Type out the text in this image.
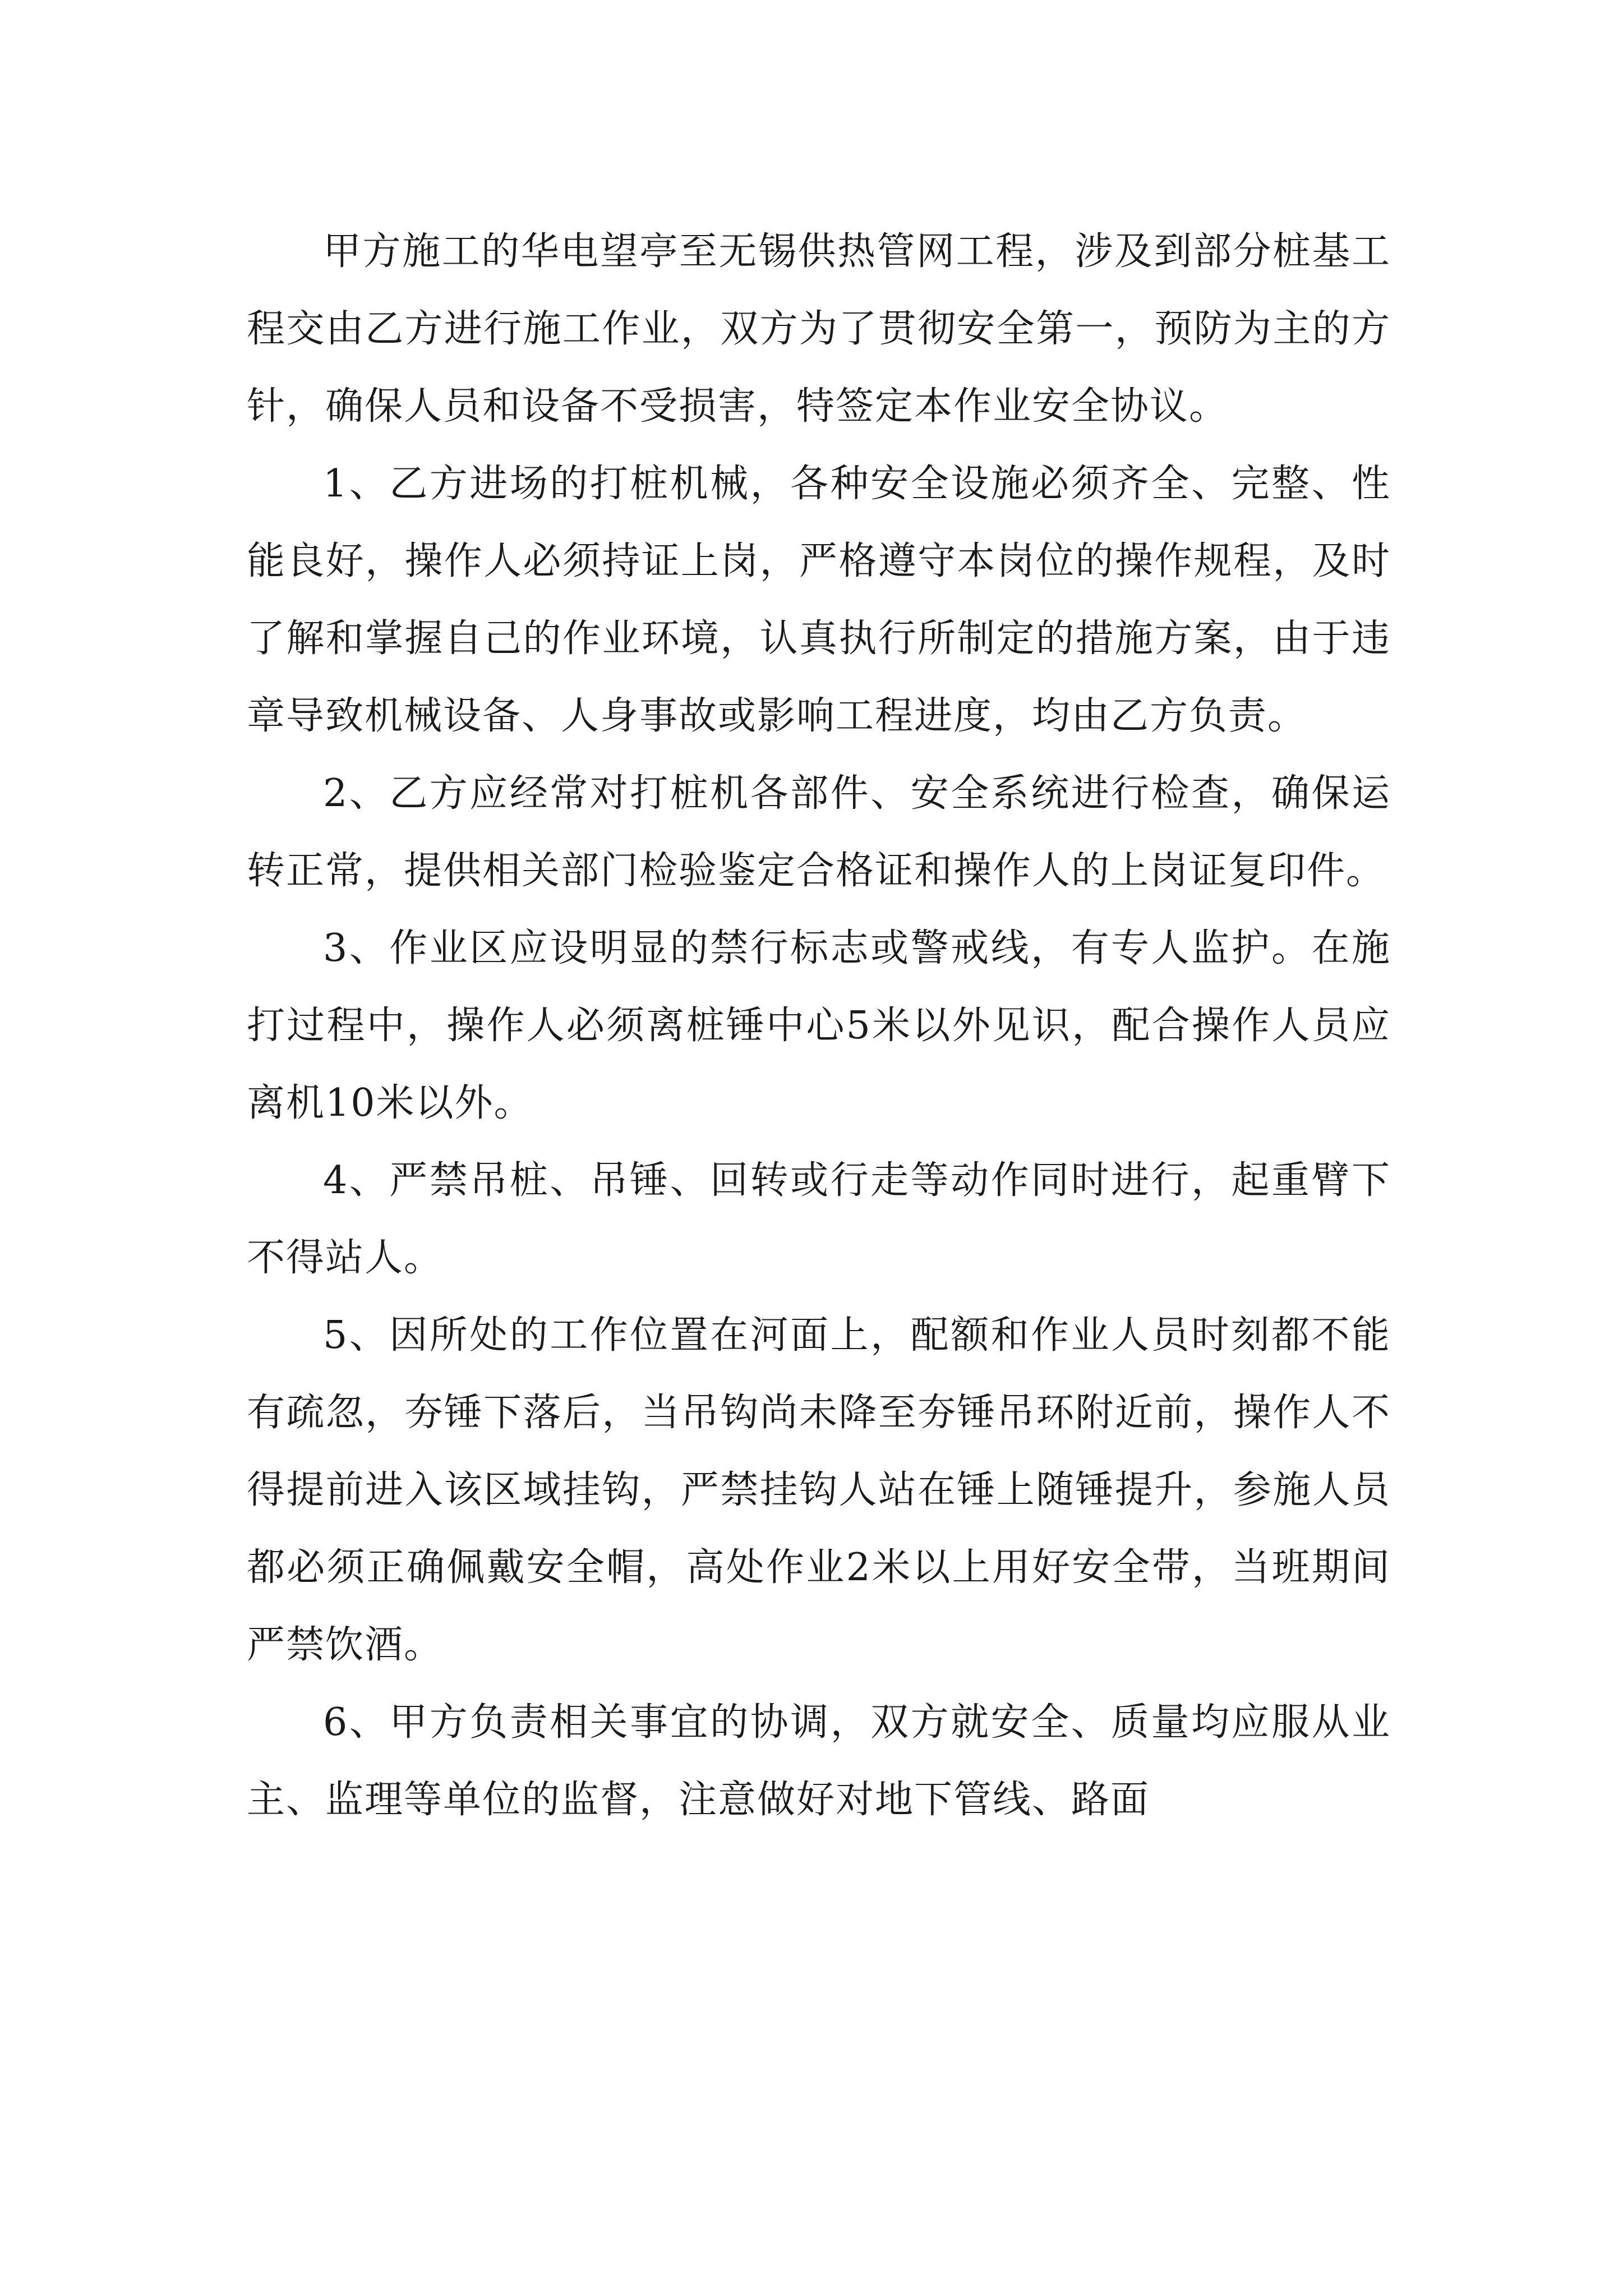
甲方施工的华电望亭至无锡供热管网工程，涉及到部分桩基工程交由乙方进行施工作业，双方为了贯彻安全第一，预防为主的方针，确保人员和设备不受损害，特签定本作业安全协议。

1、乙方进场的打桩机械，各种安全设施必须齐全、完整、性能良好，操作人必须持证上岗，严格遵守本岗位的操作规程，及时了解和掌握自己的作业环境，认真执行所制定的措施方案，由于违章导致机械设备、人身事故或影响工程进度，均由乙方负责。

2、乙方应经常对打桩机各部件、安全系统进行检查，确保运转正常，提供相关部门检验鉴定合格证和操作人的上岗证复印件。

3、作业区应设明显的禁行标志或警戒线，有专人监护。在施打过程中，操作人必须离桩锤中心5米以外见识，配合操作人员应离机10米以外。

4、严禁吊桩、吊锤、回转或行走等动作同时进行，起重臂下不得站人。

5、因所处的工作位置在河面上，配额和作业人员时刻都不能有疏忽，夯锤下落后，当吊钩尚未降至夯锤吊环附近前，操作人不得提前进入该区域挂钩，严禁挂钩人站在锤上随锤提升，参施人员都必须正确佩戴安全帽，高处作业2米以上用好安全带，当班期间严禁饮酒。

6、甲方负责相关事宜的协调，双方就安全、质量均应服从业主、监理等单位的监督，注意做好对地下管线、路面
